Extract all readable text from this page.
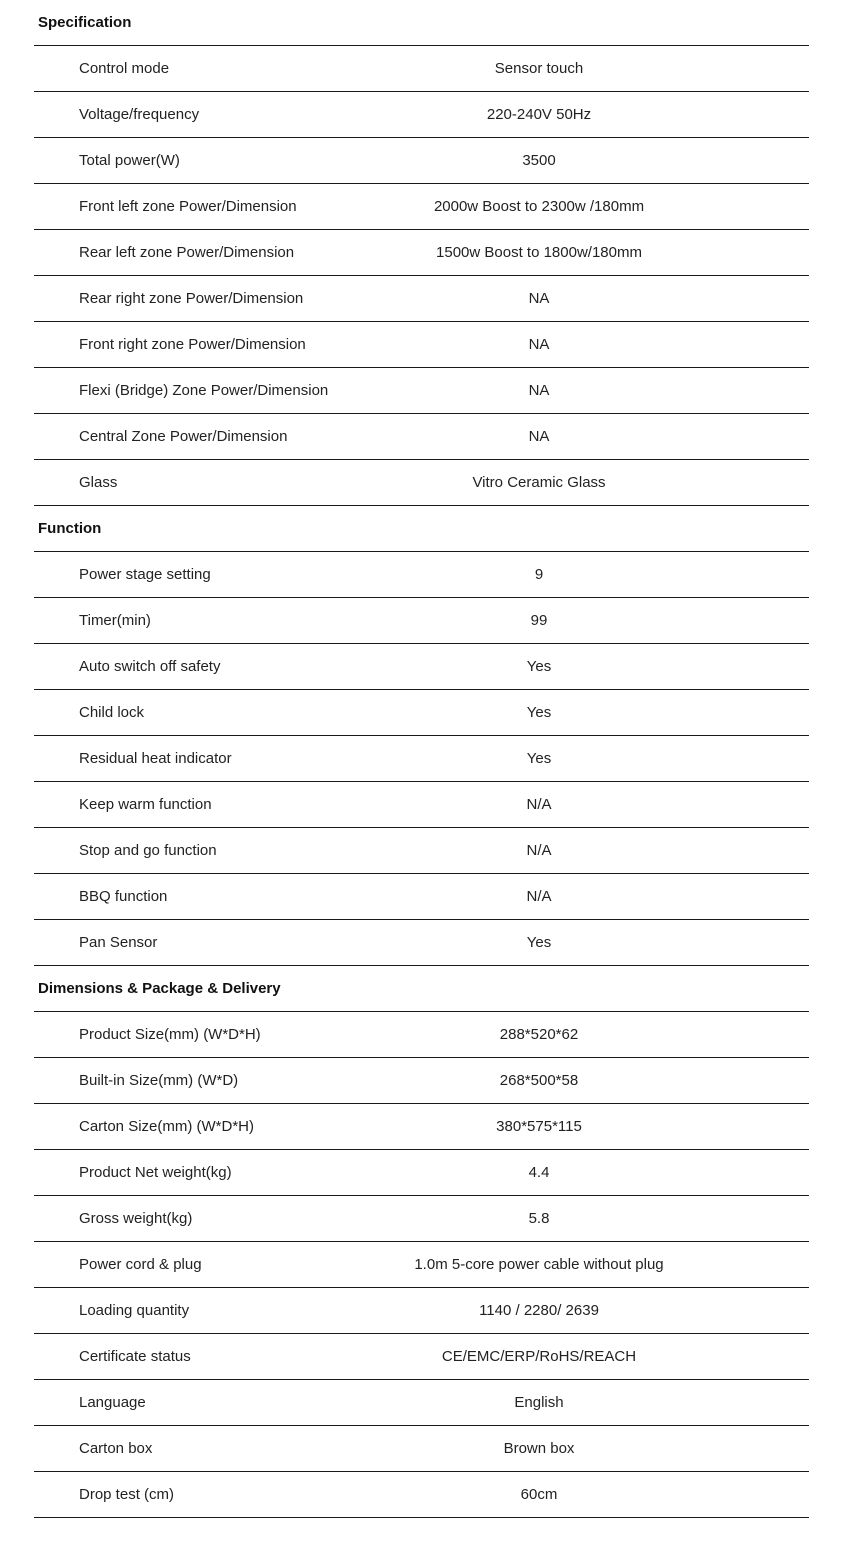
Specification
Control mode	Sensor touch
Voltage/frequency	220-240V 50Hz
Total power(W)	3500
Front left zone Power/Dimension	2000w Boost to 2300w /180mm
Rear left zone Power/Dimension	1500w Boost to 1800w/180mm
Rear right zone Power/Dimension	NA
Front right zone Power/Dimension	NA
Flexi (Bridge) Zone Power/Dimension	NA
Central Zone Power/Dimension	NA
Glass	Vitro Ceramic Glass
Function
Power stage setting	9
Timer(min)	99
Auto switch off safety	Yes
Child lock	Yes
Residual heat indicator	Yes
Keep warm function	N/A
Stop and go function	N/A
BBQ function	N/A
Pan Sensor	Yes
Dimensions & Package & Delivery
Product Size(mm) (W*D*H)	288*520*62
Built-in Size(mm) (W*D)	268*500*58
Carton Size(mm) (W*D*H)	380*575*115
Product Net weight(kg)	4.4
Gross weight(kg)	5.8
Power cord & plug	1.0m 5-core power cable without plug
Loading quantity	1140 / 2280/ 2639
Certificate status	CE/EMC/ERP/RoHS/REACH
Language	English
Carton box	Brown box
Drop test (cm)	60cm
